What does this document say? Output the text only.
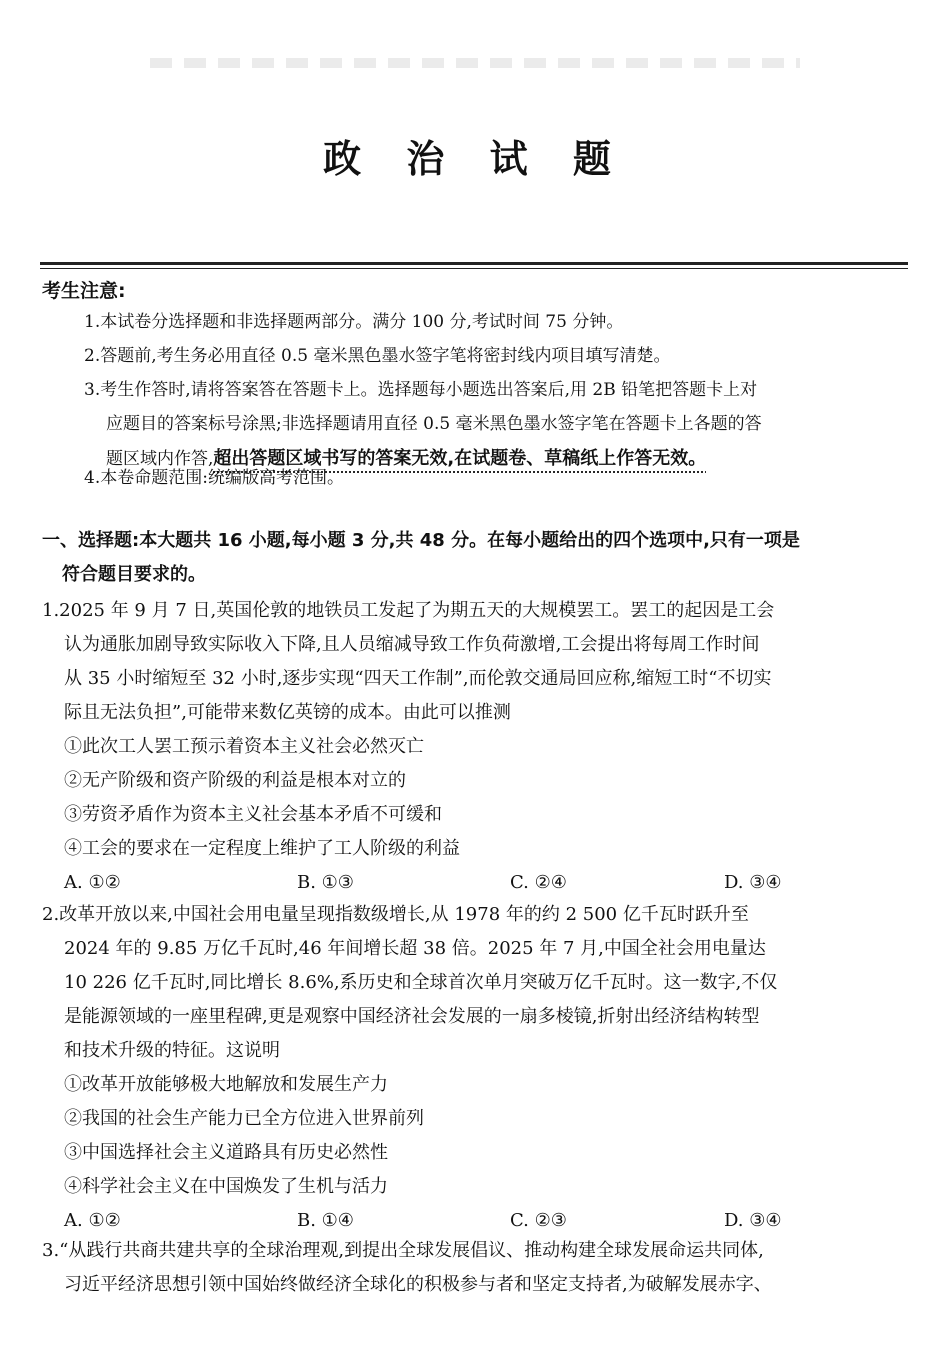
政 治 试 题
考生注意:
1.本试卷分选择题和非选择题两部分。满分 100 分,考试时间 75 分钟。
2.答题前,考生务必用直径 0.5 毫米黑色墨水签字笔将密封线内项目填写清楚。
3.考生作答时,请将答案答在答题卡上。选择题每小题选出答案后,用 2B 铅笔把答题卡上对
应题目的答案标号涂黑;非选择题请用直径 0.5 毫米黑色墨水签字笔在答题卡上各题的答
题区域内作答,超出答题区域书写的答案无效,在试题卷、草稿纸上作答无效。
4.本卷命题范围:统编版高考范围。
一、选择题:本大题共 16 小题,每小题 3 分,共 48 分。在每小题给出的四个选项中,只有一项是
符合题目要求的。
1.2025 年 9 月 7 日,英国伦敦的地铁员工发起了为期五天的大规模罢工。罢工的起因是工会
认为通胀加剧导致实际收入下降,且人员缩减导致工作负荷激增,工会提出将每周工作时间
从 35 小时缩短至 32 小时,逐步实现“四天工作制”,而伦敦交通局回应称,缩短工时“不切实
际且无法负担”,可能带来数亿英镑的成本。由此可以推测
①此次工人罢工预示着资本主义社会必然灭亡
②无产阶级和资产阶级的利益是根本对立的
③劳资矛盾作为资本主义社会基本矛盾不可缓和
④工会的要求在一定程度上维护了工人阶级的利益
A. ①②	B. ①③	C. ②④	D. ③④
2.改革开放以来,中国社会用电量呈现指数级增长,从 1978 年的约 2 500 亿千瓦时跃升至
2024 年的 9.85 万亿千瓦时,46 年间增长超 38 倍。2025 年 7 月,中国全社会用电量达
10 226 亿千瓦时,同比增长 8.6%,系历史和全球首次单月突破万亿千瓦时。这一数字,不仅
是能源领域的一座里程碑,更是观察中国经济社会发展的一扇多棱镜,折射出经济结构转型
和技术升级的特征。这说明
①改革开放能够极大地解放和发展生产力
②我国的社会生产能力已全方位进入世界前列
③中国选择社会主义道路具有历史必然性
④科学社会主义在中国焕发了生机与活力
A. ①②	B. ①④	C. ②③	D. ③④
3.“从践行共商共建共享的全球治理观,到提出全球发展倡议、推动构建全球发展命运共同体,
习近平经济思想引领中国始终做经济全球化的积极参与者和坚定支持者,为破解发展赤字、
